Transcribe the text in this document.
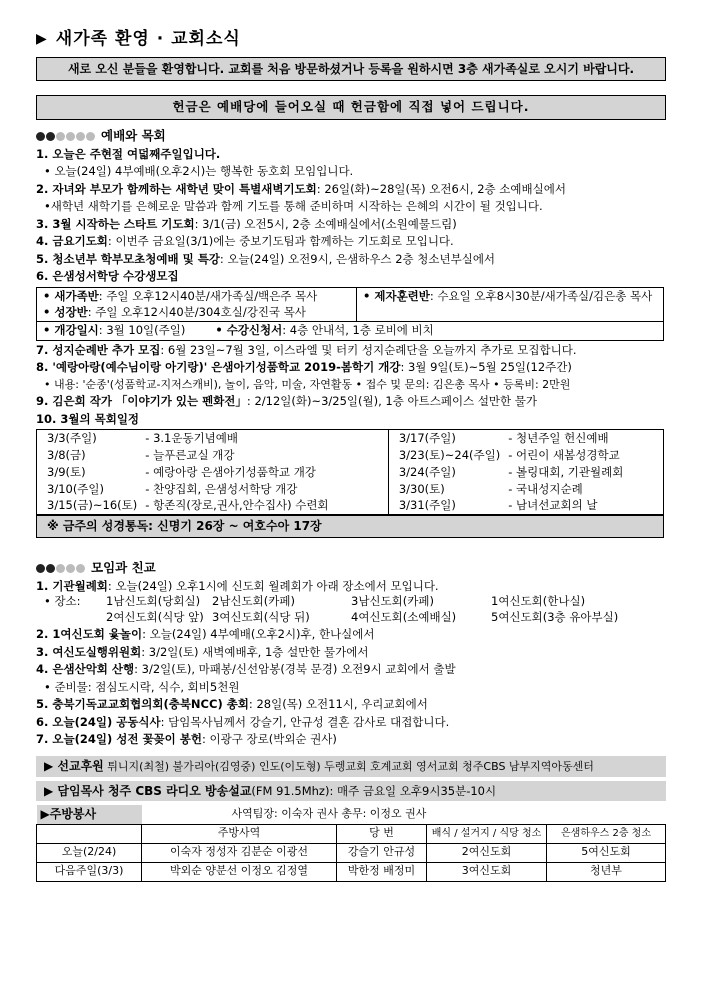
▶ 새가족 환영 · 교회소식
새로 오신 분들을 환영합니다. 교회를 처음 방문하셨거나 등록을 원하시면 3층 새가족실로 오시기 바랍니다.
헌금은 예배당에 들어오실 때 헌금함에 직접 넣어 드립니다.
예배와 목회
1. 오늘은 주현절 여덟째주일입니다.
• 오늘(24일) 4부예배(오후2시)는 행복한 동호회 모임입니다.
2. 자녀와 부모가 함께하는 새학년 맞이 특별새벽기도회: 26일(화)~28일(목) 오전6시, 2층 소예배실에서
•새학년 새학기를 은혜로운 말씀과 함께 기도를 통해 준비하며 시작하는 은혜의 시간이 될 것입니다.
3. 3월 시작하는 스타트 기도회: 3/1(금) 오전5시, 2층 소예배실에서(소원예물드림)
4. 금요기도회: 이번주 금요일(3/1)에는 중보기도팀과 함께하는 기도회로 모입니다.
5. 청소년부 학부모초청예배 및 특강: 오늘(24일) 오전9시, 은샘하우스 2층 청소년부실에서
6. 은샘성서학당 수강생모집
• 새가족반: 주일 오후12시40분/새가족실/백은주 목사
• 성장반: 주일 오후12시40분/304호실/강진국 목사
	• 제자훈련반: 수요일 오후8시30분/새가족실/김은총 목사
• 개강일시: 3월 10일(주일)	• 수강신청서: 4층 안내석, 1층 로비에 비치
7. 성지순례반 추가 모집: 6월 23일~7월 3일, 이스라엘 및 터키 성지순례단을 오늘까지 추가로 모집합니다.
8. '예랑아랑(예수님이랑 아기랑)' 은샘아기성품학교 2019-봄학기 개강: 3월 9일(토)~5월 25일(12주간)
• 내용: '순종'(성품학교-지저스캐비), 놀이, 음악, 미술, 자연활동 • 접수 및 문의: 김은총 목사 • 등록비: 2만원
9. 김은희 작가 「이야기가 있는 펜화전」: 2/12일(화)~3/25일(월), 1층 아트스페이스 설만한 물가
10. 3월의 목회일정
3/3(주일)	- 3.1운동기념예배	3/17(주일)	- 청년주일 헌신예배
3/8(금)	- 늘푸른교실 개강	3/23(토)~24(주일)	- 어린이 새봄성경학교
3/9(토)	- 예랑아랑 은샘아기성품학교 개강	3/24(주일)	- 볼링대회, 기관월례회
3/10(주일)	- 찬양집회, 은샘성서학당 개강	3/30(토)	- 국내성지순례
3/15(금)~16(토)	- 항존직(장로,권사,안수집사) 수련회	3/31(주일)	- 남녀선교회의 날
※ 금주의 성경통독: 신명기 26장 ~ 여호수아 17장
모임과 친교
1. 기관월례회: 오늘(24일) 오후1시에 신도회 월례회가 아래 장소에서 모입니다.
• 장소:	1남신도회(당회실)	2남신도회(카페)	3남신도회(카페)	1여신도회(한나실)
2여신도회(식당 앞) 3여신도회(식당 뒤)	4여신도회(소예배실)	5여신도회(3층 유아부실)
2. 1여신도회 윷놀이: 오늘(24일) 4부예배(오후2시)후, 한나실에서
3. 여신도실행위원회: 3/2일(토) 새벽예배후, 1층 설만한 물가에서
4. 은샘산악회 산행: 3/2일(토), 마패봉/신선암봉(경북 문경) 오전9시 교회에서 출발
• 준비물: 점심도시락, 식수, 회비5천원
5. 충북기독교교회협의회(충북NCC) 총회: 28일(목) 오전11시, 우리교회에서
6. 오늘(24일) 공동식사: 담임목사님께서 강슬기, 안규성 결혼 감사로 대접합니다.
7. 오늘(24일) 성전 꽃꽂이 봉헌: 이광구 장로(박외순 권사)
▶ 선교후원 튀니지(최철) 불가리아(김영중) 인도(이도형) 두렝교회 호계교회 영서교회 청주CBS 남부지역아동센터
▶ 담임목사 청주 CBS 라디오 방송설교(FM 91.5Mhz): 매주 금요일 오후9시35분-10시
▶주방봉사	사역팀장: 이숙자 권사 총무: 이정오 권사			
	주방사역	당 번	배식 / 설거지 / 식당 청소	은샘하우스 2층 청소
오늘(2/24)	이숙자 정성자 김분순 이광선	강슬기 안규성	2여신도회	5여신도회
다음주일(3/3)	박외순 양분선 이정오 김정열	박한정 배정미	3여신도회	청년부
